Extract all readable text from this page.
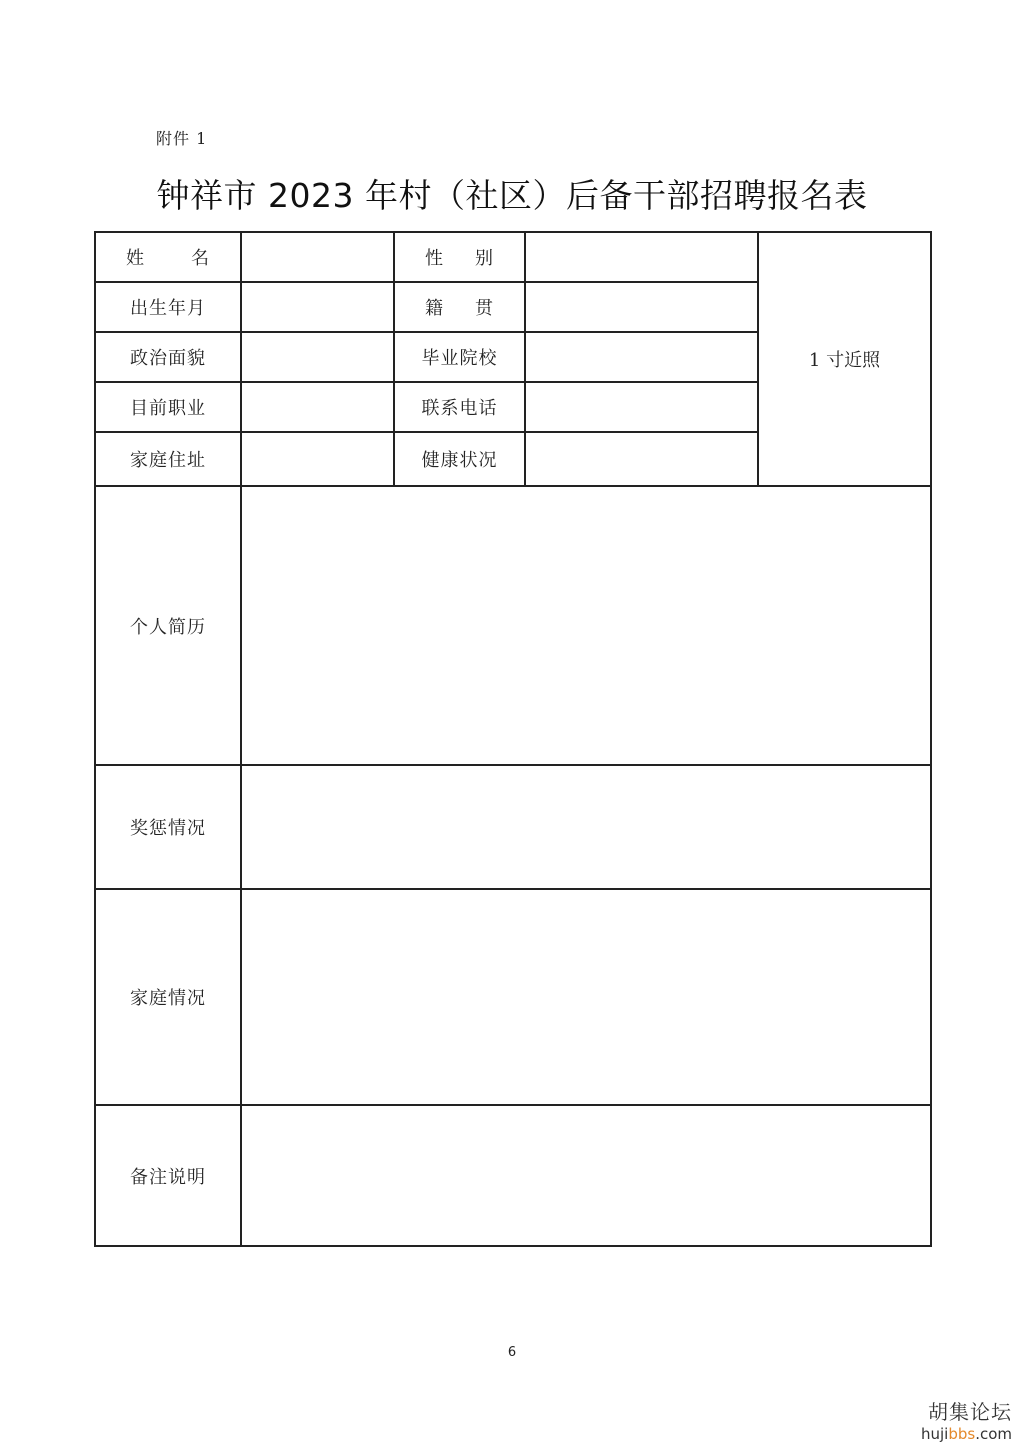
附件 1
钟祥市 2023 年村（社区）后备干部招聘报名表
姓 名		性 别		1 寸近照
出生年月		籍 贯		

政治面貌		毕业院校		
目前职业		联系电话		
家庭住址		健康状况		
个人简历				
奖惩情况				
家庭情况				
备注说明				
6
胡集论坛
hujibbs.com
